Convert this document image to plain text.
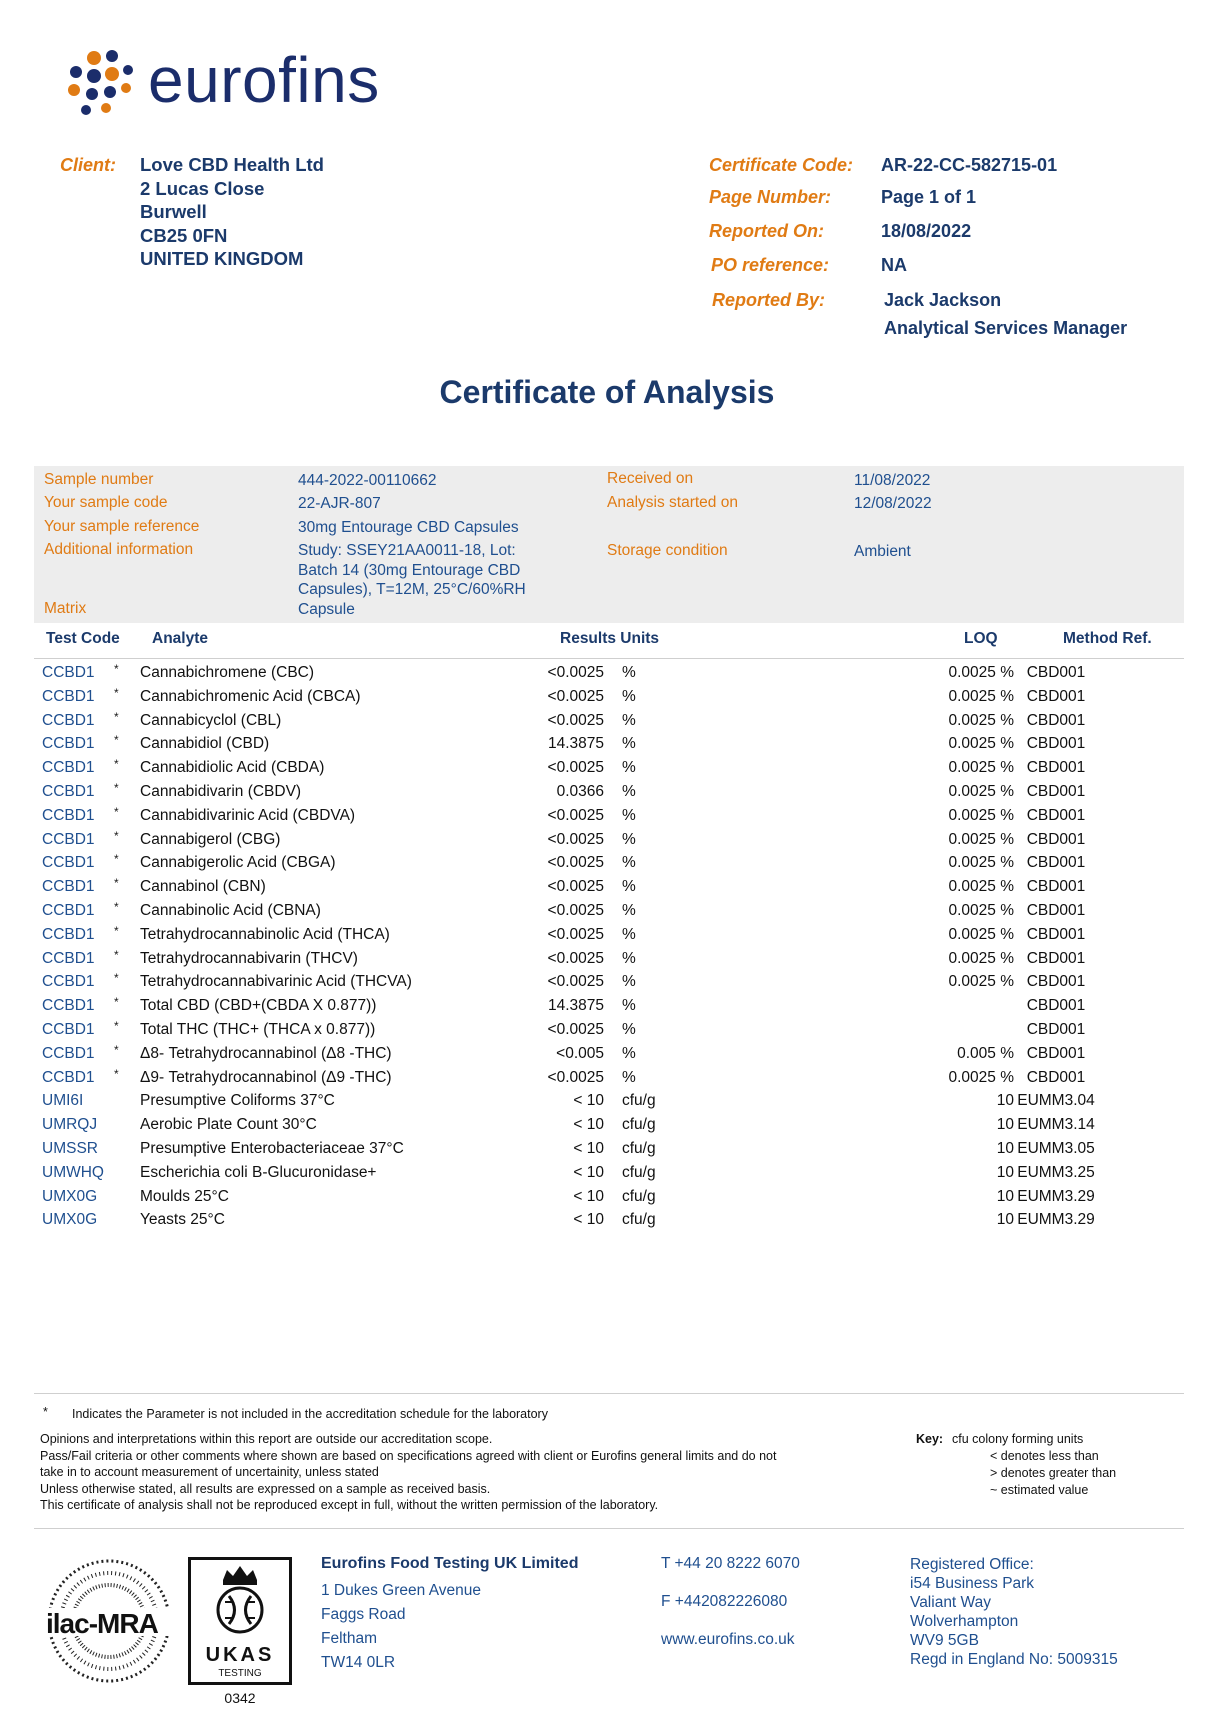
eurofins
Client: Love CBD Health Ltd
2 Lucas Close
Burwell
CB25 0FN
UNITED KINGDOM
Certificate Code: AR-22-CC-582715-01
Page Number:	Page 1 of 1
Reported On:	18/08/2022
PO reference:	NA
Reported By:	Jack Jackson
Analytical Services Manager
Certificate of Analysis
Sample number	444-2022-00110662
Your sample code	22-AJR-807
Your sample reference	30mg Entourage CBD Capsules
Additional information	Study: SSEY21AA0011-18, Lot:
Batch 14 (30mg Entourage CBD
Capsules), T=12M, 25°C/60%RH
Matrix	Capsule
Received on	11/08/2022
Analysis started on	12/08/2022
Storage condition	Ambient
Test Code Analyte	Results Units	LOQ	Method Ref.
CCBD1 * Cannabichromene (CBC)	<0.0025 %	0.0025 % CBD001
CCBD1 * Cannabichromenic Acid (CBCA)	<0.0025 %	0.0025 % CBD001
CCBD1 * Cannabicyclol (CBL)	<0.0025 %	0.0025 % CBD001
CCBD1 * Cannabidiol (CBD)	14.3875 %	0.0025 % CBD001
CCBD1 * Cannabidiolic Acid (CBDA)	<0.0025 %	0.0025 % CBD001
CCBD1 * Cannabidivarin (CBDV)	0.0366 %	0.0025 % CBD001
CCBD1 * Cannabidivarinic Acid (CBDVA)	<0.0025 %	0.0025 % CBD001
CCBD1 * Cannabigerol (CBG)	<0.0025 %	0.0025 % CBD001
CCBD1 * Cannabigerolic Acid (CBGA)	<0.0025 %	0.0025 % CBD001
CCBD1 * Cannabinol (CBN)	<0.0025 %	0.0025 % CBD001
CCBD1 * Cannabinolic Acid (CBNA)	<0.0025 %	0.0025 % CBD001
CCBD1 * Tetrahydrocannabinolic Acid (THCA)	<0.0025 %	0.0025 % CBD001
CCBD1 * Tetrahydrocannabivarin (THCV)	<0.0025 %	0.0025 % CBD001
CCBD1 * Tetrahydrocannabivarinic Acid (THCVA)	<0.0025 %	0.0025 % CBD001
CCBD1 * Total CBD (CBD+(CBDA X 0.877))	14.3875 %	CBD001
CCBD1 * Total THC (THC+ (THCA x 0.877))	<0.0025 %	CBD001
CCBD1 * Δ8- Tetrahydrocannabinol (Δ8 -THC)	<0.005 %	0.005 % CBD001
CCBD1 * Δ9- Tetrahydrocannabinol (Δ9 -THC)	<0.0025 %	0.0025 % CBD001
UMI6I	Presumptive Coliforms 37°C	< 10 cfu/g	10 EUMM3.04
UMRQJ	Aerobic Plate Count 30°C	< 10 cfu/g	10 EUMM3.14
UMSSR	Presumptive Enterobacteriaceae 37°C	< 10 cfu/g	10 EUMM3.05
UMWHQ Escherichia coli B-Glucuronidase+	< 10 cfu/g	10 EUMM3.25
UMX0G	Moulds 25°C	< 10 cfu/g	10 EUMM3.29
UMX0G	Yeasts 25°C	< 10 cfu/g	10 EUMM3.29
* Indicates the Parameter is not included in the accreditation schedule for the laboratory
Opinions and interpretations within this report are outside our accreditation scope.
Pass/Fail criteria or other comments where shown are based on specifications agreed with client or Eurofins general limits and do not
take in to account measurement of uncertainity, unless stated
Unless otherwise stated, all results are expressed on a sample as received basis.
This certificate of analysis shall not be reproduced except in full, without the written permission of the laboratory.
Key: cfu colony forming units
< denotes less than
> denotes greater than
~ estimated value
ilac-MRA
UKAS
TESTING
0342
Eurofins Food Testing UK Limited
1 Dukes Green Avenue
Faggs Road
Feltham
TW14 0LR
T +44 20 8222 6070
F +442082226080
www.eurofins.co.uk
Registered Office:
i54 Business Park
Valiant Way
Wolverhampton
WV9 5GB
Regd in England No: 5009315
